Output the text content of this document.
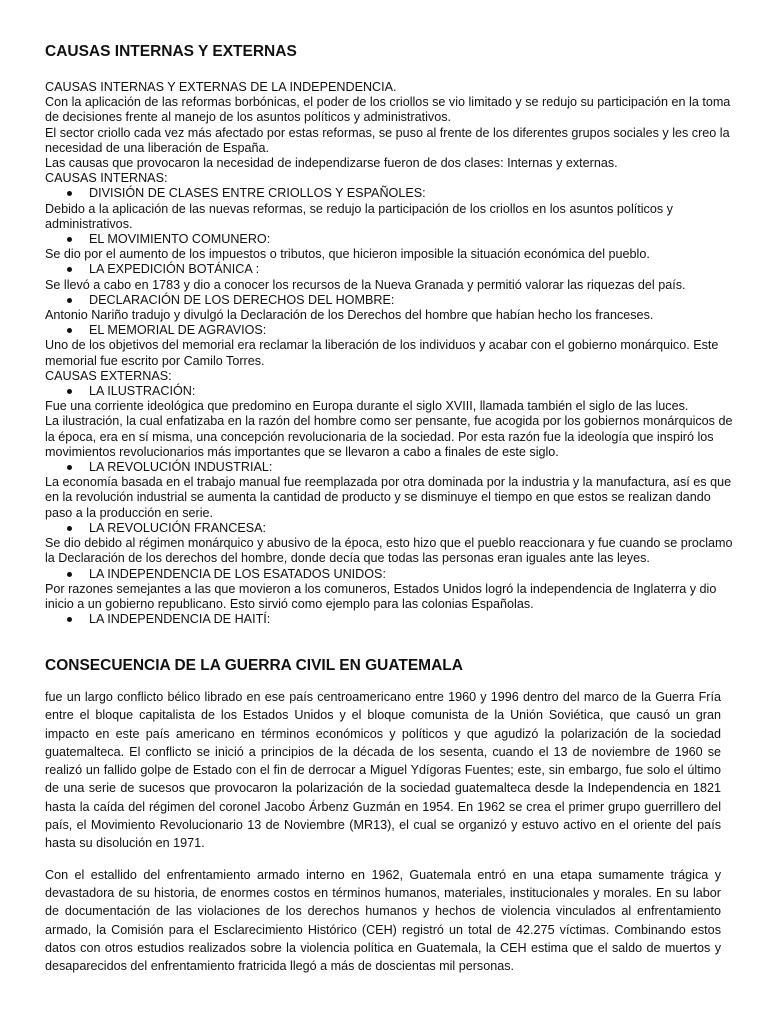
CAUSAS INTERNAS Y EXTERNAS

CAUSAS INTERNAS Y EXTERNAS DE LA INDEPENDENCIA.

Con la aplicación de las reformas borbónicas, el poder de los criollos se vio limitado y se redujo su participación en la toma de decisiones frente al manejo de los asuntos políticos y administrativos.

El sector criollo cada vez más afectado por estas reformas, se puso al frente de los diferentes grupos sociales y les creo la necesidad de una liberación de España.

Las causas que provocaron la necesidad de independizarse fueron de dos clases: Internas y externas.

CAUSAS INTERNAS:

DIVISIÓN DE CLASES ENTRE CRIOLLOS Y ESPAÑOLES:

Debido a la aplicación de las nuevas reformas, se redujo la participación de los criollos en los asuntos políticos y administrativos.

EL MOVIMIENTO COMUNERO:

Se dio por el aumento de los impuestos o tributos, que hicieron imposible la situación económica del pueblo.

LA EXPEDICIÓN BOTÁNICA :

Se llevó a cabo en 1783 y dio a conocer los recursos de la Nueva Granada y permitió valorar las riquezas del país.

DECLARACIÓN DE LOS DERECHOS DEL HOMBRE:

Antonio Nariño tradujo y divulgó la Declaración de los Derechos del hombre que habían hecho los franceses.

EL MEMORIAL DE AGRAVIOS:

Uno de los objetivos del memorial era reclamar la liberación de los individuos y acabar con el gobierno monárquico. Este memorial fue escrito por Camilo Torres.

CAUSAS EXTERNAS:

LA ILUSTRACIÓN:

Fue una corriente ideológica que predomino en Europa durante el siglo XVIII, llamada también el siglo de las luces.

La ilustración, la cual enfatizaba en la razón del hombre como ser pensante, fue acogida por los gobiernos monárquicos de la época, era en sí misma, una concepción revolucionaria de la sociedad. Por esta razón fue la ideología que inspiró los movimientos revolucionarios más importantes que se llevaron a cabo a finales de este siglo.

LA REVOLUCIÓN INDUSTRIAL:

La economía basada en el trabajo manual fue reemplazada por otra dominada por la industria y la manufactura, así es que en la revolución industrial se aumenta la cantidad de producto y se disminuye el tiempo en que estos se realizan dando paso a la producción en serie.

LA REVOLUCIÓN FRANCESA:

Se dio debido al régimen monárquico y abusivo de la época, esto hizo que el pueblo reaccionara y fue cuando se proclamo la Declaración de los derechos del hombre, donde decía que todas las personas eran iguales ante las leyes.

LA INDEPENDENCIA DE LOS ESATADOS UNIDOS:

Por razones semejantes a las que movieron a los comuneros, Estados Unidos logró la independencia de Inglaterra y dio inicio a un gobierno republicano. Esto sirvió como ejemplo para las colonias Españolas.

LA INDEPENDENCIA DE HAITÍ:

CONSECUENCIA DE LA GUERRA CIVIL EN GUATEMALA

fue un largo conflicto bélico librado en ese país centroamericano entre 1960 y 1996 dentro del marco de la Guerra Fría entre el bloque capitalista de los Estados Unidos y el bloque comunista de la Unión Soviética, que causó un gran impacto en este país americano en términos económicos y políticos y que agudizó la polarización de la sociedad guatemalteca. El conflicto se inició a principios de la década de los sesenta, cuando el 13 de noviembre de 1960 se realizó un fallido golpe de Estado con el fin de derrocar a Miguel Ydígoras Fuentes; este, sin embargo, fue solo el último de una serie de sucesos que provocaron la polarización de la sociedad guatemalteca desde la Independencia en 1821 hasta la caída del régimen del coronel Jacobo Árbenz Guzmán en 1954. En 1962 se crea el primer grupo guerrillero del país, el Movimiento Revolucionario 13 de Noviembre (MR13), el cual se organizó y estuvo activo en el oriente del país hasta su disolución en 1971.

Con el estallido del enfrentamiento armado interno en 1962, Guatemala entró en una etapa sumamente trágica y devastadora de su historia, de enormes costos en términos humanos, materiales, institucionales y morales. En su labor de documentación de las violaciones de los derechos humanos y hechos de violencia vinculados al enfrentamiento armado, la Comisión para el Esclarecimiento Histórico (CEH) registró un total de 42.275 víctimas. Combinando estos datos con otros estudios realizados sobre la violencia política en Guatemala, la CEH estima que el saldo de muertos y desaparecidos del enfrentamiento fratricida llegó a más de doscientas mil personas.
